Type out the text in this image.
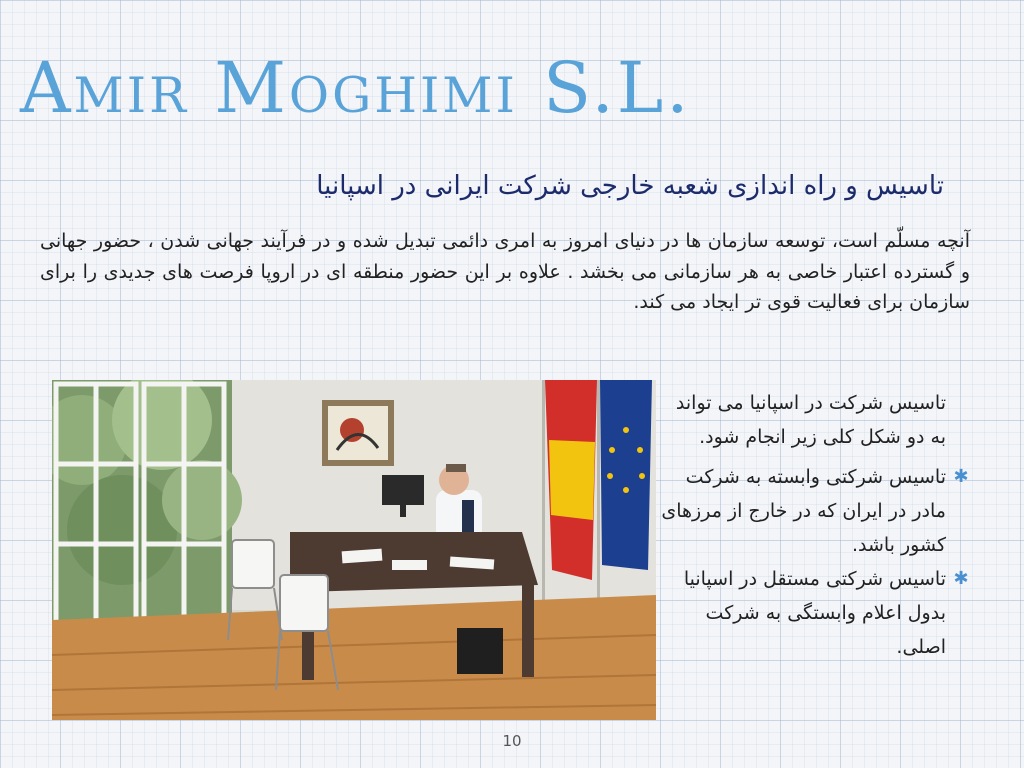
Amir Moghimi S.L.
تاسیس و راه اندازی شعبه خارجی شرکت ایرانی در اسپانیا

آنچه مسلّم است، توسعه سازمان ها در دنیای امروز به امری دائمی تبدیل شده و در فرآیند جهانی شدن ، حضور جهانی و گسترده اعتبار خاصی به هر سازمانی می بخشد . علاوه بر این حضور منطقه ای در اروپا فرصت های جدیدی را برای سازمان برای فعالیت قوی تر ایجاد می کند.

تاسیس شرکت در اسپانیا می تواند به دو شکل کلی زیر انجام شود.
✱
تاسیس شرکتی وابسته به شرکت مادر در ایران که در خارج از مرزهای کشور باشد.
✱
تاسیس شرکتی مستقل در اسپانیا بدول اعلام وابستگی به شرکت اصلی.
10
